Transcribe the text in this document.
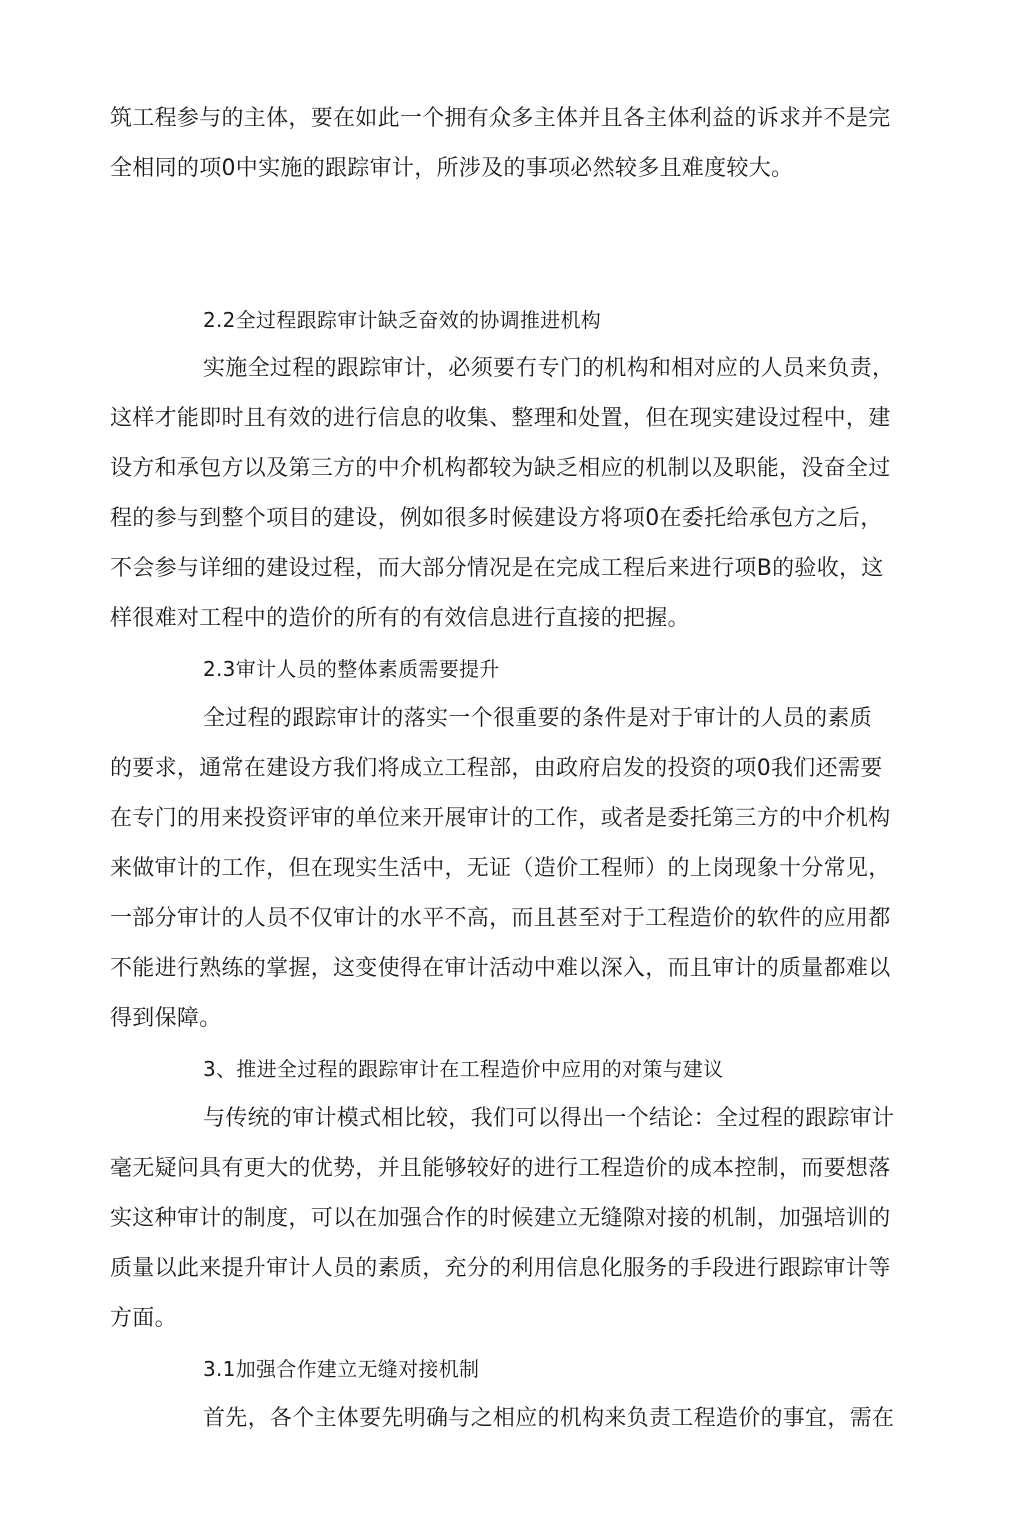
筑工程参与的主体，要在如此一个拥有众多主体并且各主体利益的诉求并不是完
全相同的项0中实施的跟踪审计，所涉及的事项必然较多且难度较大。
2.2全过程跟踪审计缺乏奋效的协调推进机构
实施全过程的跟踪审计，必须要冇专门的机构和相对应的人员来负责，
这样才能即时且有效的进行信息的收集、整理和处置，但在现实建设过程中，建
设方和承包方以及第三方的中介机构都较为缺乏相应的机制以及职能，没奋全过
程的参与到整个项目的建设，例如很多时候建设方将项0在委托给承包方之后，
不会参与详细的建设过程，而大部分情况是在完成工程后来进行项B的验收，这
样很难对工程中的造价的所有的有效信息进行直接的把握。
2.3审计人员的整体素质需要提升
全过程的跟踪审计的落实一个很重要的条件是对于审计的人员的素质
的要求，通常在建设方我们将成立工程部，由政府启发的投资的项0我们还需要
在专门的用来投资评审的单位来开展审计的工作，或者是委托第三方的中介机构
来做审计的工作，但在现实生活中，无证（造价工程师）的上岗现象十分常见，
一部分审计的人员不仅审计的水平不高，而且甚至对于工程造价的软件的应用都
不能进行熟练的掌握，这变使得在审计活动中难以深入，而且审计的质量都难以
得到保障。
3、推进全过程的跟踪审计在工程造价中应用的对策与建议
与传统的审计模式相比较，我们可以得出一个结论：全过程的跟踪审计
毫无疑问具有更大的优势，并且能够较好的进行工程造价的成本控制，而要想落
实这种审计的制度，可以在加强合作的时候建立无缝隙对接的机制，加强培训的
质量以此来提升审计人员的素质，充分的利用信息化服务的手段进行跟踪审计等
方面。
3.1加强合作建立无缝对接机制
首先，各个主体要先明确与之相应的机构来负责工程造价的事宜，需在
